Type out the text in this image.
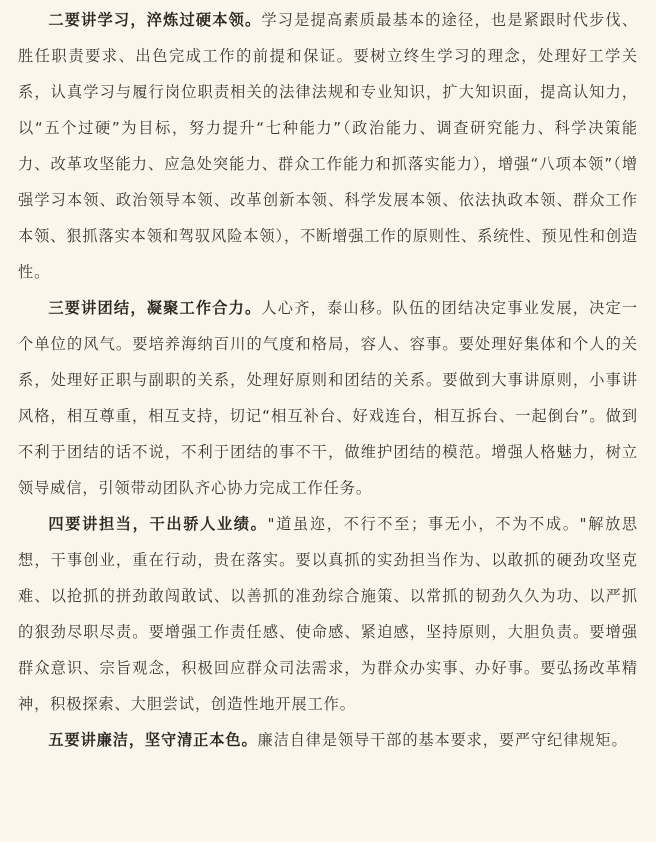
二要讲学习，淬炼过硬本领。学习是提高素质最基本的途径，也是紧跟时代步伐、胜任职责要求、出色完成工作的前提和保证。要树立终生学习的理念，处理好工学关系，认真学习与履行岗位职责相关的法律法规和专业知识，扩大知识面，提高认知力，以“五个过硬”为目标，努力提升“七种能力”（政治能力、调查研究能力、科学决策能力、改革攻坚能力、应急处突能力、群众工作能力和抓落实能力），增强“八项本领”（增强学习本领、政治领导本领、改革创新本领、科学发展本领、依法执政本领、群众工作本领、狠抓落实本领和驾驭风险本领），不断增强工作的原则性、系统性、预见性和创造性。

三要讲团结，凝聚工作合力。人心齐，泰山移。队伍的团结决定事业发展，决定一个单位的风气。要培养海纳百川的气度和格局，容人、容事。要处理好集体和个人的关系，处理好正职与副职的关系，处理好原则和团结的关系。要做到大事讲原则，小事讲风格，相互尊重，相互支持，切记“相互补台、好戏连台，相互拆台、一起倒台”。做到不利于团结的话不说，不利于团结的事不干，做维护团结的模范。增强人格魅力，树立领导威信，引领带动团队齐心协力完成工作任务。

四要讲担当，干出骄人业绩。"道虽迩，不行不至；事无小，不为不成。"解放思想，干事创业，重在行动，贵在落实。要以真抓的实劲担当作为、以敢抓的硬劲攻坚克难、以抢抓的拼劲敢闯敢试、以善抓的准劲综合施策、以常抓的韧劲久久为功、以严抓的狠劲尽职尽责。要增强工作责任感、使命感、紧迫感，坚持原则，大胆负责。要增强群众意识、宗旨观念，积极回应群众司法需求，为群众办实事、办好事。要弘扬改革精神，积极探索、大胆尝试，创造性地开展工作。

五要讲廉洁，坚守清正本色。廉洁自律是领导干部的基本要求，要严守纪律规矩。
